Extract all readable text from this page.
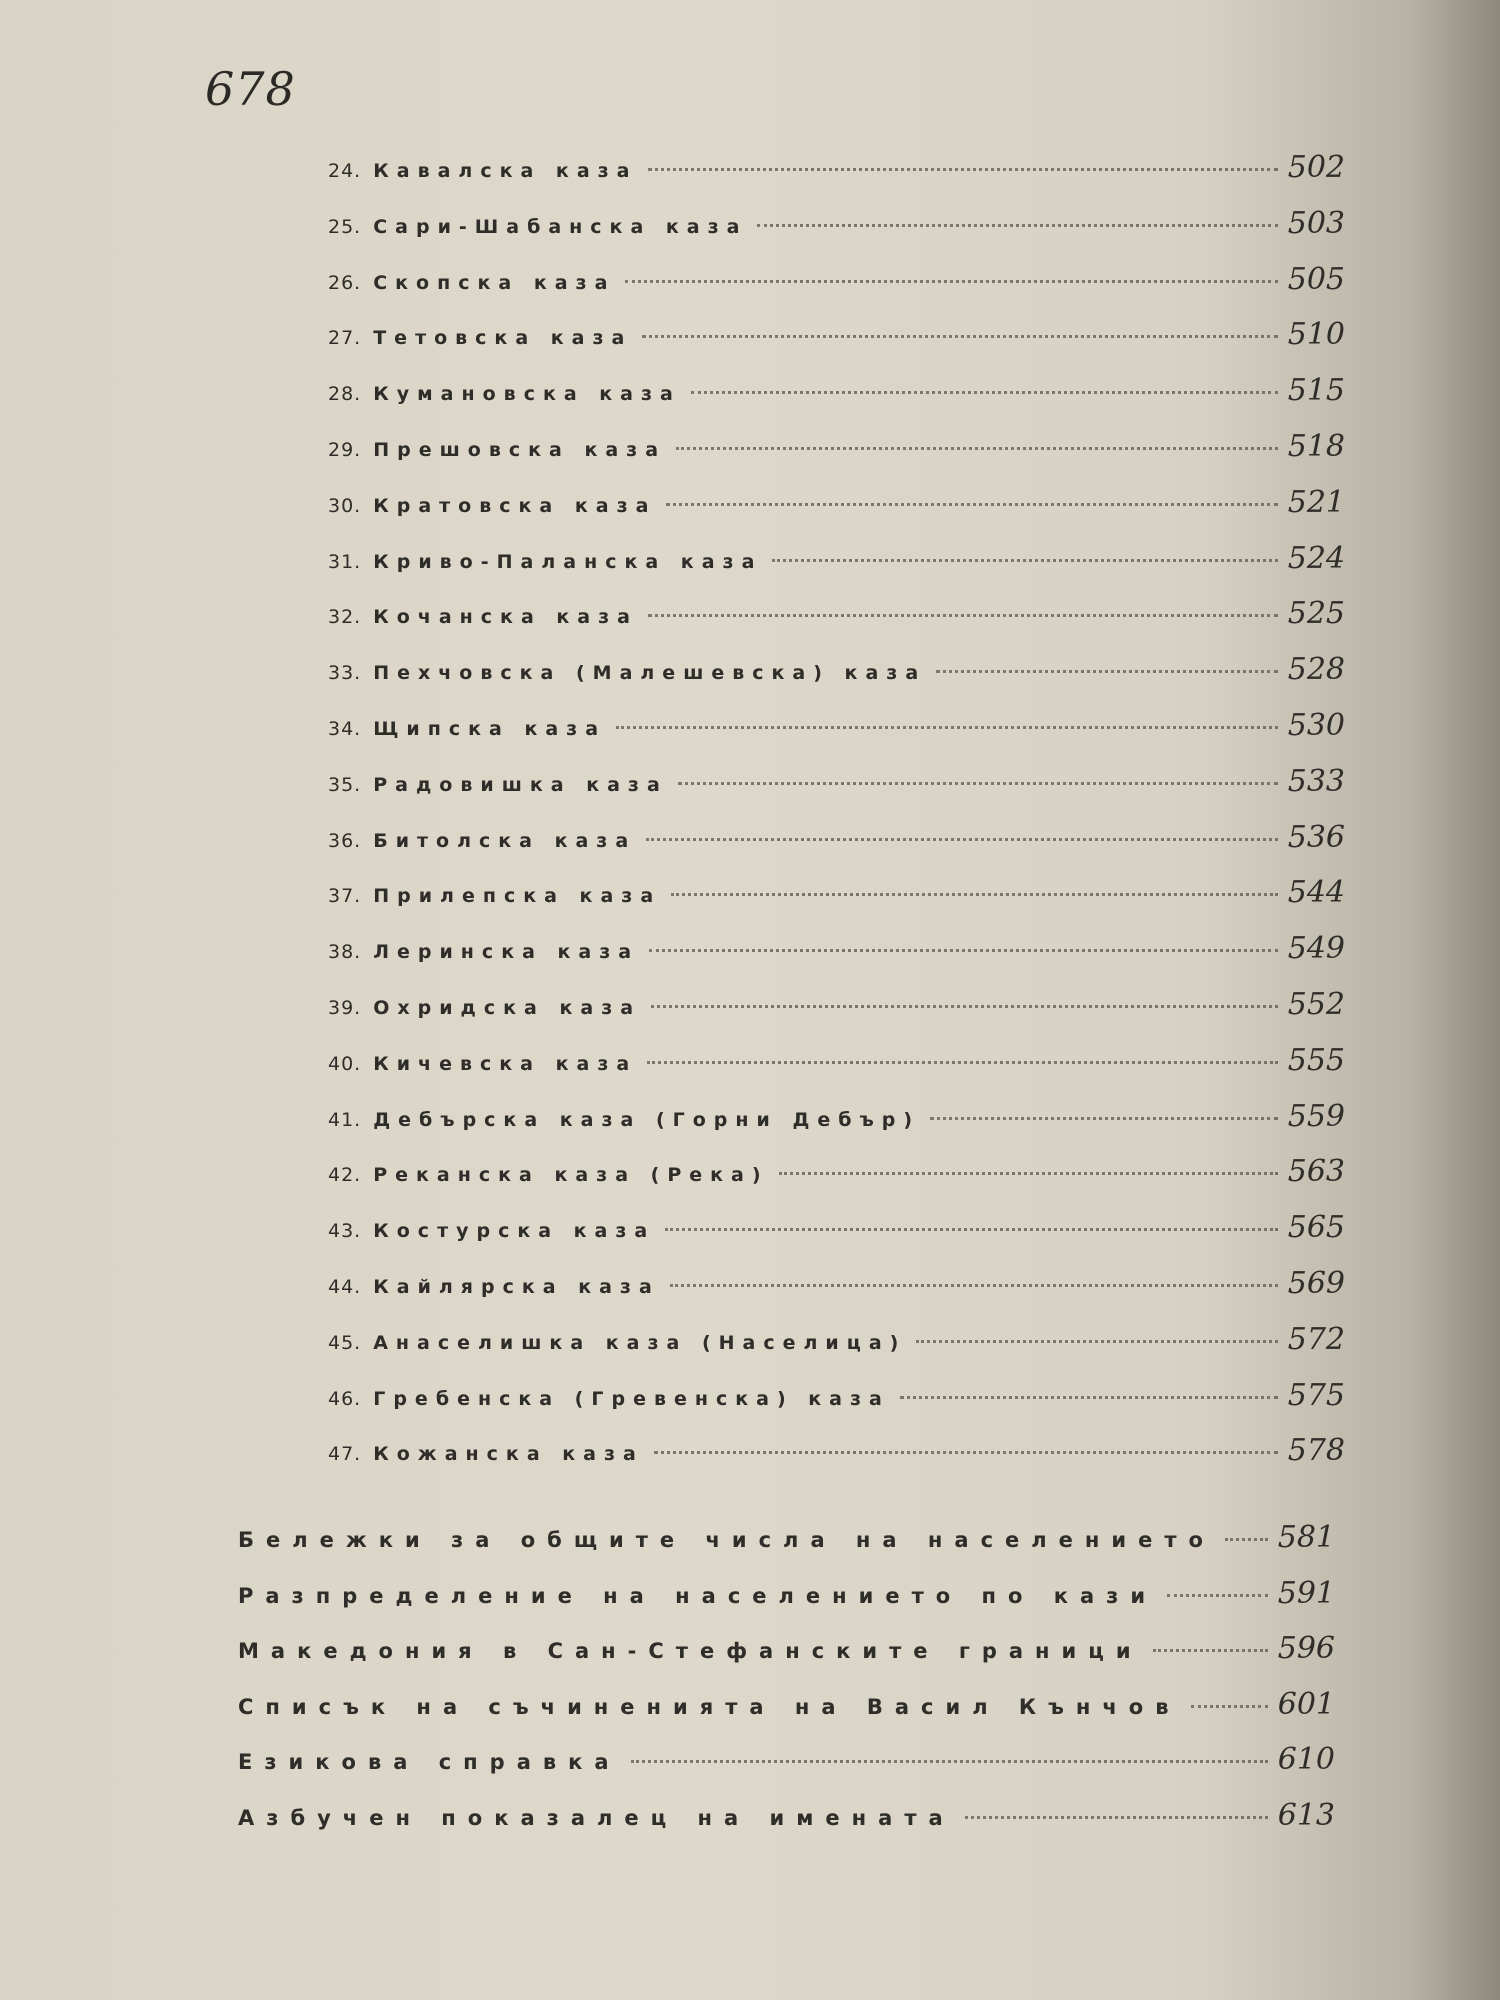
678
24. Кавалска каза	502
25. Сари-Шабанска каза	503
26. Скопска каза	505
27. Тетовска каза	510
28. Кумановска каза	515
29. Прешовска каза	518
30. Кратовска каза	521
31. Криво-Паланска каза	524
32. Кочанска каза	525
33. Пехчовска (Малешевска) каза	528
34. Щипска каза	530
35. Радовишка каза	533
36. Битолска каза	536
37. Прилепска каза	544
38. Леринска каза	549
39. Охридска каза	552
40. Кичевска каза	555
41. Дебърска каза (Горни Дебър)	559
42. Реканска каза (Река)	563
43. Костурска каза	565
44. Кайлярска каза	569
45. Анаселишка каза (Населица)	572
46. Гребенска (Гревенска) каза	575
47. Кожанска каза	578
Бележки за общите числа на населението 581
Разпределение на населението по кази	591
Македония в Сан-Стефанските граници	596
Списък на съчиненията на Васил Кънчов	601
Езикова справка	610
Азбучен показалец на имената	613
